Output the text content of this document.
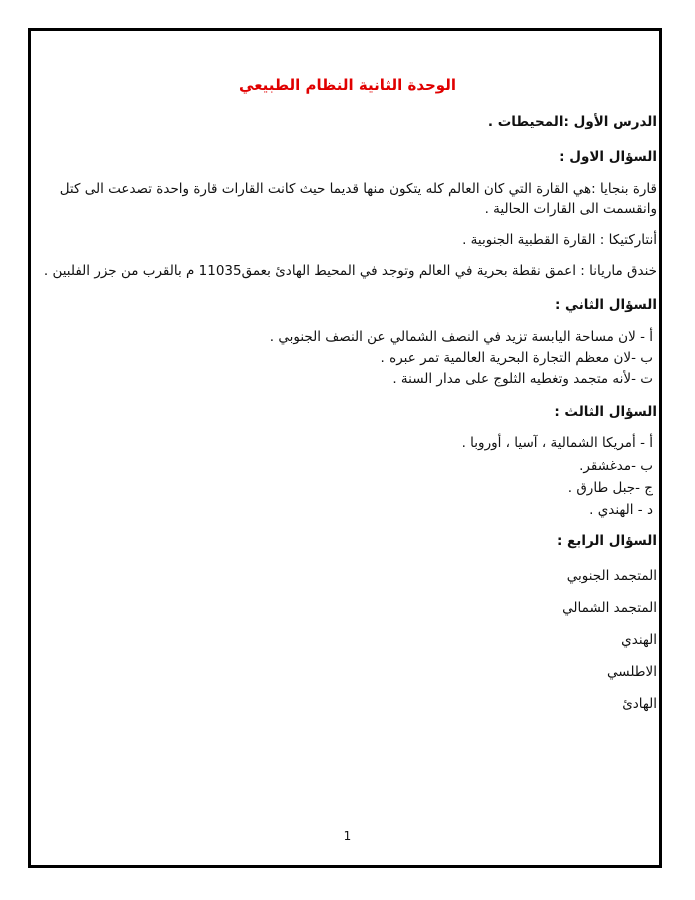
الوحدة الثانية النظام الطبيعي
الدرس الأول :المحيطات .
السؤال الاول :
قارة بنجايا :هي القارة التي كان العالم كله يتكون منها قديما حيث كانت القارات قارة واحدة تصدعت الى كتل وانقسمت الى القارات الحالية .
أنتاركتيكا : القارة القطبية الجنوبية .
خندق ماريانا : اعمق نقطة بحرية في العالم وتوجد في المحيط الهادئ بعمق11035 م بالقرب من جزر الفلبين .
السؤال الثاني :
أ - لان مساحة اليابسة تزيد في النصف الشمالي عن النصف الجنوبي .
ب -لان معظم التجارة البحرية العالمية تمر عبره .
ت -لأنه متجمد وتغطيه الثلوج على مدار السنة .
السؤال الثالث :
أ - أمريكا الشمالية ، آسيا ، أوروبا .
ب -مدغشقر.
ج -جبل طارق .
د - الهندي .
السؤال الرابع :
المتجمد الجنوبي
المتجمد الشمالي
الهندي
الاطلسي
الهادئ
1
